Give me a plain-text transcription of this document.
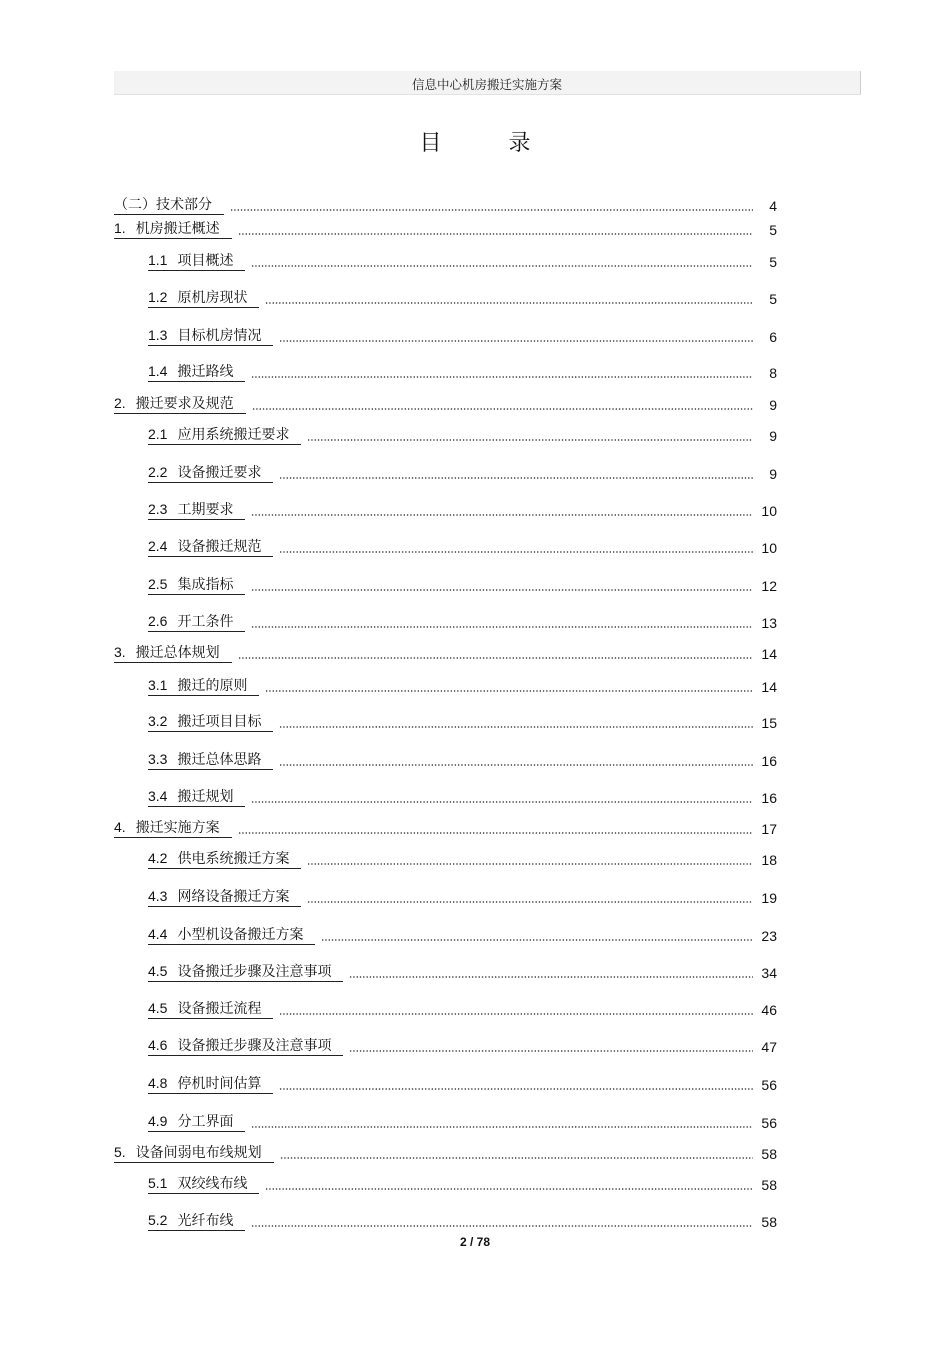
信息中心机房搬迁实施方案
目 录
（二）技术部分	4
1. 机房搬迁概述	5
1.1 项目概述	5
1.2 原机房现状	5
1.3 目标机房情况	6
1.4 搬迁路线	8
2. 搬迁要求及规范	9
2.1 应用系统搬迁要求	9
2.2 设备搬迁要求	9
2.3 工期要求	10
2.4 设备搬迁规范	10
2.5 集成指标	12
2.6 开工条件	13
3. 搬迁总体规划	14
3.1 搬迁的原则	14
3.2 搬迁项目目标	15
3.3 搬迁总体思路	16
3.4 搬迁规划	16
4. 搬迁实施方案	17
4.2 供电系统搬迁方案	18
4.3 网络设备搬迁方案	19
4.4 小型机设备搬迁方案	23
4.5 设备搬迁步骤及注意事项	34
4.5 设备搬迁流程	46
4.6 设备搬迁步骤及注意事项	47
4.8 停机时间估算	56
4.9 分工界面	56
5. 设备间弱电布线规划	58
5.1 双绞线布线	58
5.2 光纤布线	58
2 / 78
